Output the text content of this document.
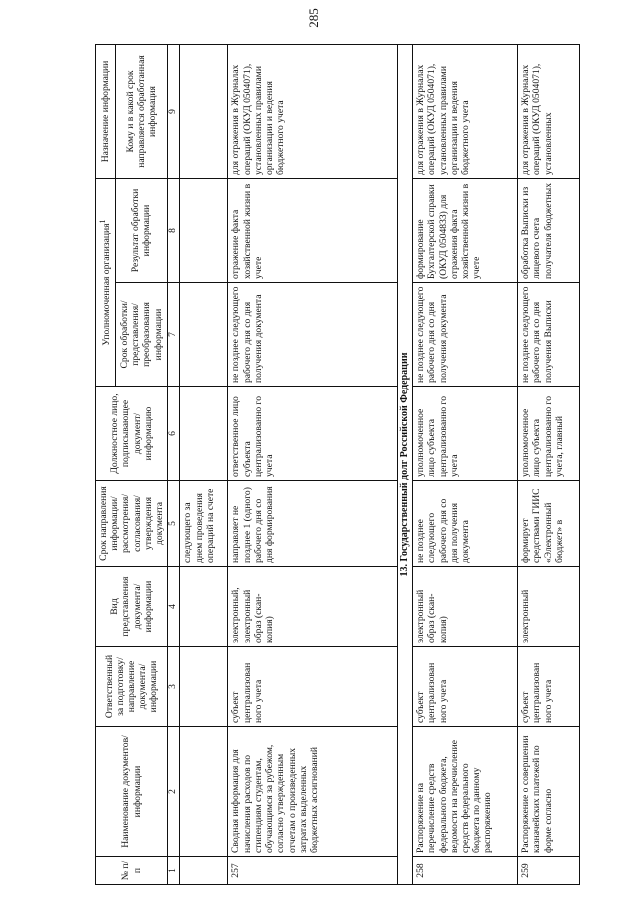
285
№ п/п	Наименование документов/ информации	Ответственный за подготовку/ направление документа/ информации	Вид представления документа/ информации	Срок направления информации/ рассмотрения/ согласования/ утверждения документа	Должностное лицо, подписывающее документ/ информацию	Уполномоченная организация$^1$		Назначение информации
						Срок обработки/ представления/ преобразования информации	Результат обработки информации	Кому и в какой срок направляется обработанная информация
1	2	3	4	5	6	7	8	9
				следующего за днем проведения операций на счете				
257	Сводная информация для начисления расходов по стипендиям студентам, обучающимся за рубежом, согласно утвержденным отчетам о произведенных затратах выделенных бюджетных ассигнований	субъект централизован ного учета	электронный, электронный образ (скан-копия)	направляет не позднее 1 (одного) рабочего дня со дня формирования	ответственное лицо субъекта централизованно го учета	не позднее следующего рабочего дня со дня получения документа	отражение факта хозяйственной жизни в учете	для отражения в Журналах операций (ОКУД 0504071), установленных правилами организации и ведения бюджетного учета
13. Государственный долг Российской Федерации								
258	Распоряжение на перечисление средств федерального бюджета, ведомости на перечисление средств федерального бюджета по данному распоряжению	субъект централизован ного учета	электронный образ (скан-копия)	не позднее следующего рабочего дня со дня получения документа	уполномоченное лицо субъекта централизованно го учета	не позднее следующего рабочего дня со дня получения документа	формирование Бухгалтерской справки (ОКУД 0504833) для отражения факта хозяйственной жизни в учете	для отражения в Журналах операций (ОКУД 0504071), установленных правилами организации и ведения бюджетного учета
259	Распоряжение о совершении казначейских платежей по форме согласно	субъект централизован ного учета	электронный	формирует средствами ГИИС «Электронный бюджет» в	уполномоченное лицо субъекта централизованно го учета, главный	не позднее следующего рабочего дня со дня получения Выписки	обработка Выписки из лицевого счета получателя бюджетных	для отражения в Журналах операций (ОКУД 0504071), установленных
